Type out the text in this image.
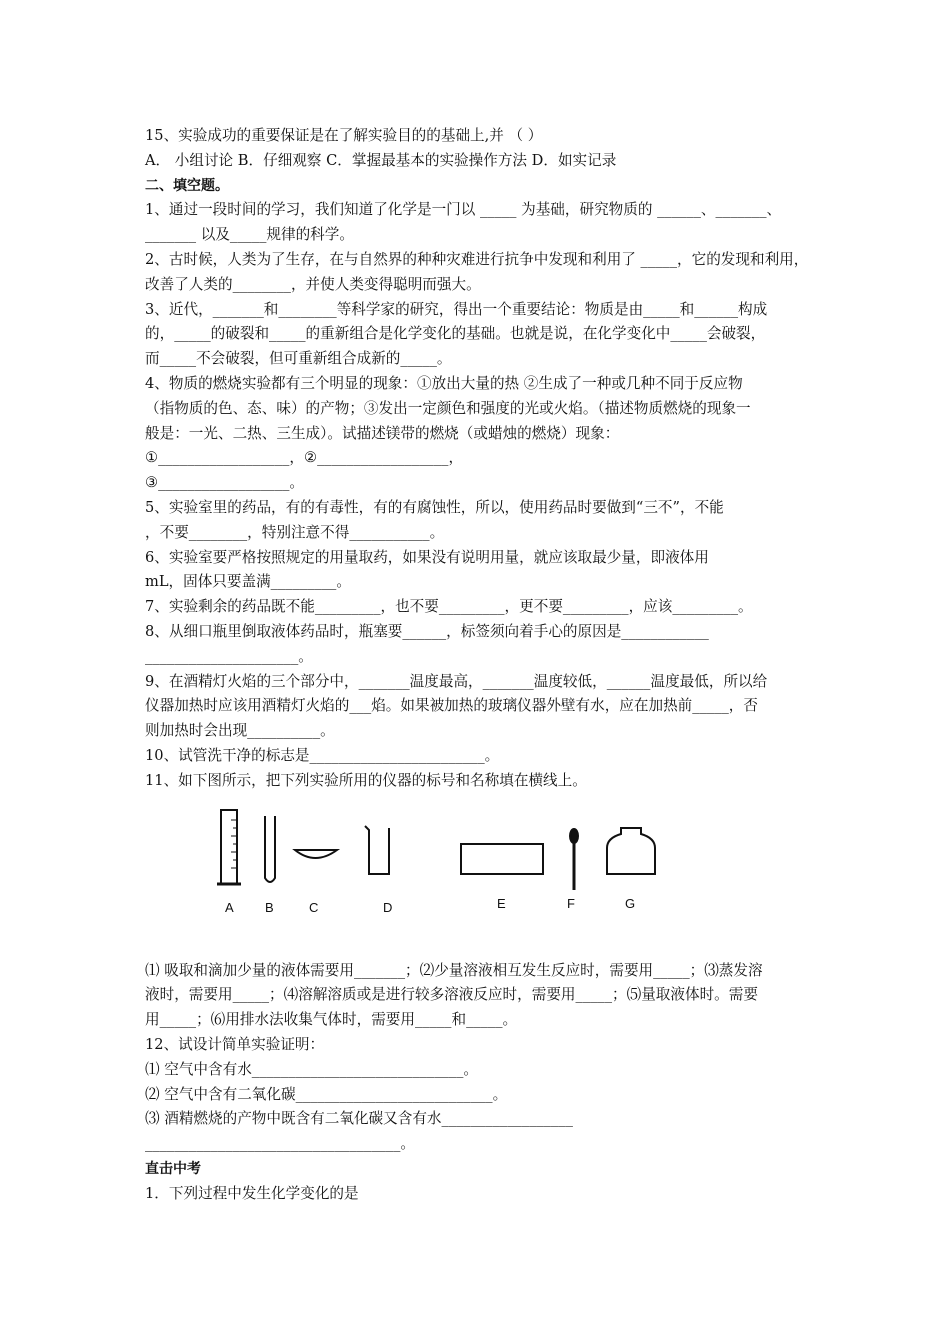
15、实验成功的重要保证是在了解实验目的的基础上,并 （ ）
A． 小组讨论 B．仔细观察 C．掌握最基本的实验操作方法 D．如实记录
二、填空题。
1、通过一段时间的学习，我们知道了化学是一门以 _____ 为基础，研究物质的 ______、_______、
_______ 以及_____规律的科学。
2、古时候，人类为了生存，在与自然界的种种灾难进行抗争中发现和利用了 _____，它的发现和利用，
改善了人类的________，并使人类变得聪明而强大。
3、近代，_______和________等科学家的研究，得出一个重要结论：物质是由_____和______构成
的，_____的破裂和_____的重新组合是化学变化的基础。也就是说，在化学变化中_____会破裂，
而_____不会破裂，但可重新组合成新的_____。
4、物质的燃烧实验都有三个明显的现象：①放出大量的热 ②生成了一种或几种不同于反应物
（指物质的色、态、味）的产物；③发出一定颜色和强度的光或火焰。（描述物质燃烧的现象一
般是：一光、二热、三生成）。试描述镁带的燃烧（或蜡烛的燃烧）现象：
①__________________，②__________________，
③__________________。
5、实验室里的药品，有的有毒性，有的有腐蚀性，所以，使用药品时要做到“三不”，不能
，不要________，特别注意不得___________。
6、实验室要严格按照规定的用量取药，如果没有说明用量，就应该取最少量，即液体用
mL，固体只要盖满_________。
7、实验剩余的药品既不能_________，也不要_________，更不要_________，应该_________。
8、从细口瓶里倒取液体药品时，瓶塞要______，标签须向着手心的原因是____________
_____________________。
9、在酒精灯火焰的三个部分中，_______温度最高，_______温度较低，______温度最低，所以给
仪器加热时应该用酒精灯火焰的___焰。如果被加热的玻璃仪器外壁有水，应在加热前_____，否
则加热时会出现__________。
10、试管洗干净的标志是________________________。
11、如下图所示，把下列实验所用的仪器的标号和名称填在横线上。
A B	C	D	E	F	G
⑴ 吸取和滴加少量的液体需要用_______；⑵少量溶液相互发生反应时，需要用_____；⑶蒸发溶
液时，需要用_____；⑷溶解溶质或是进行较多溶液反应时，需要用_____；⑸量取液体时。需要
用_____；⑹用排水法收集气体时，需要用_____和_____。
12、试设计简单实验证明：
⑴ 空气中含有水_____________________________。
⑵ 空气中含有二氧化碳___________________________。
⑶ 酒精燃烧的产物中既含有二氧化碳又含有水__________________
___________________________________。
直击中考
1．下列过程中发生化学变化的是
